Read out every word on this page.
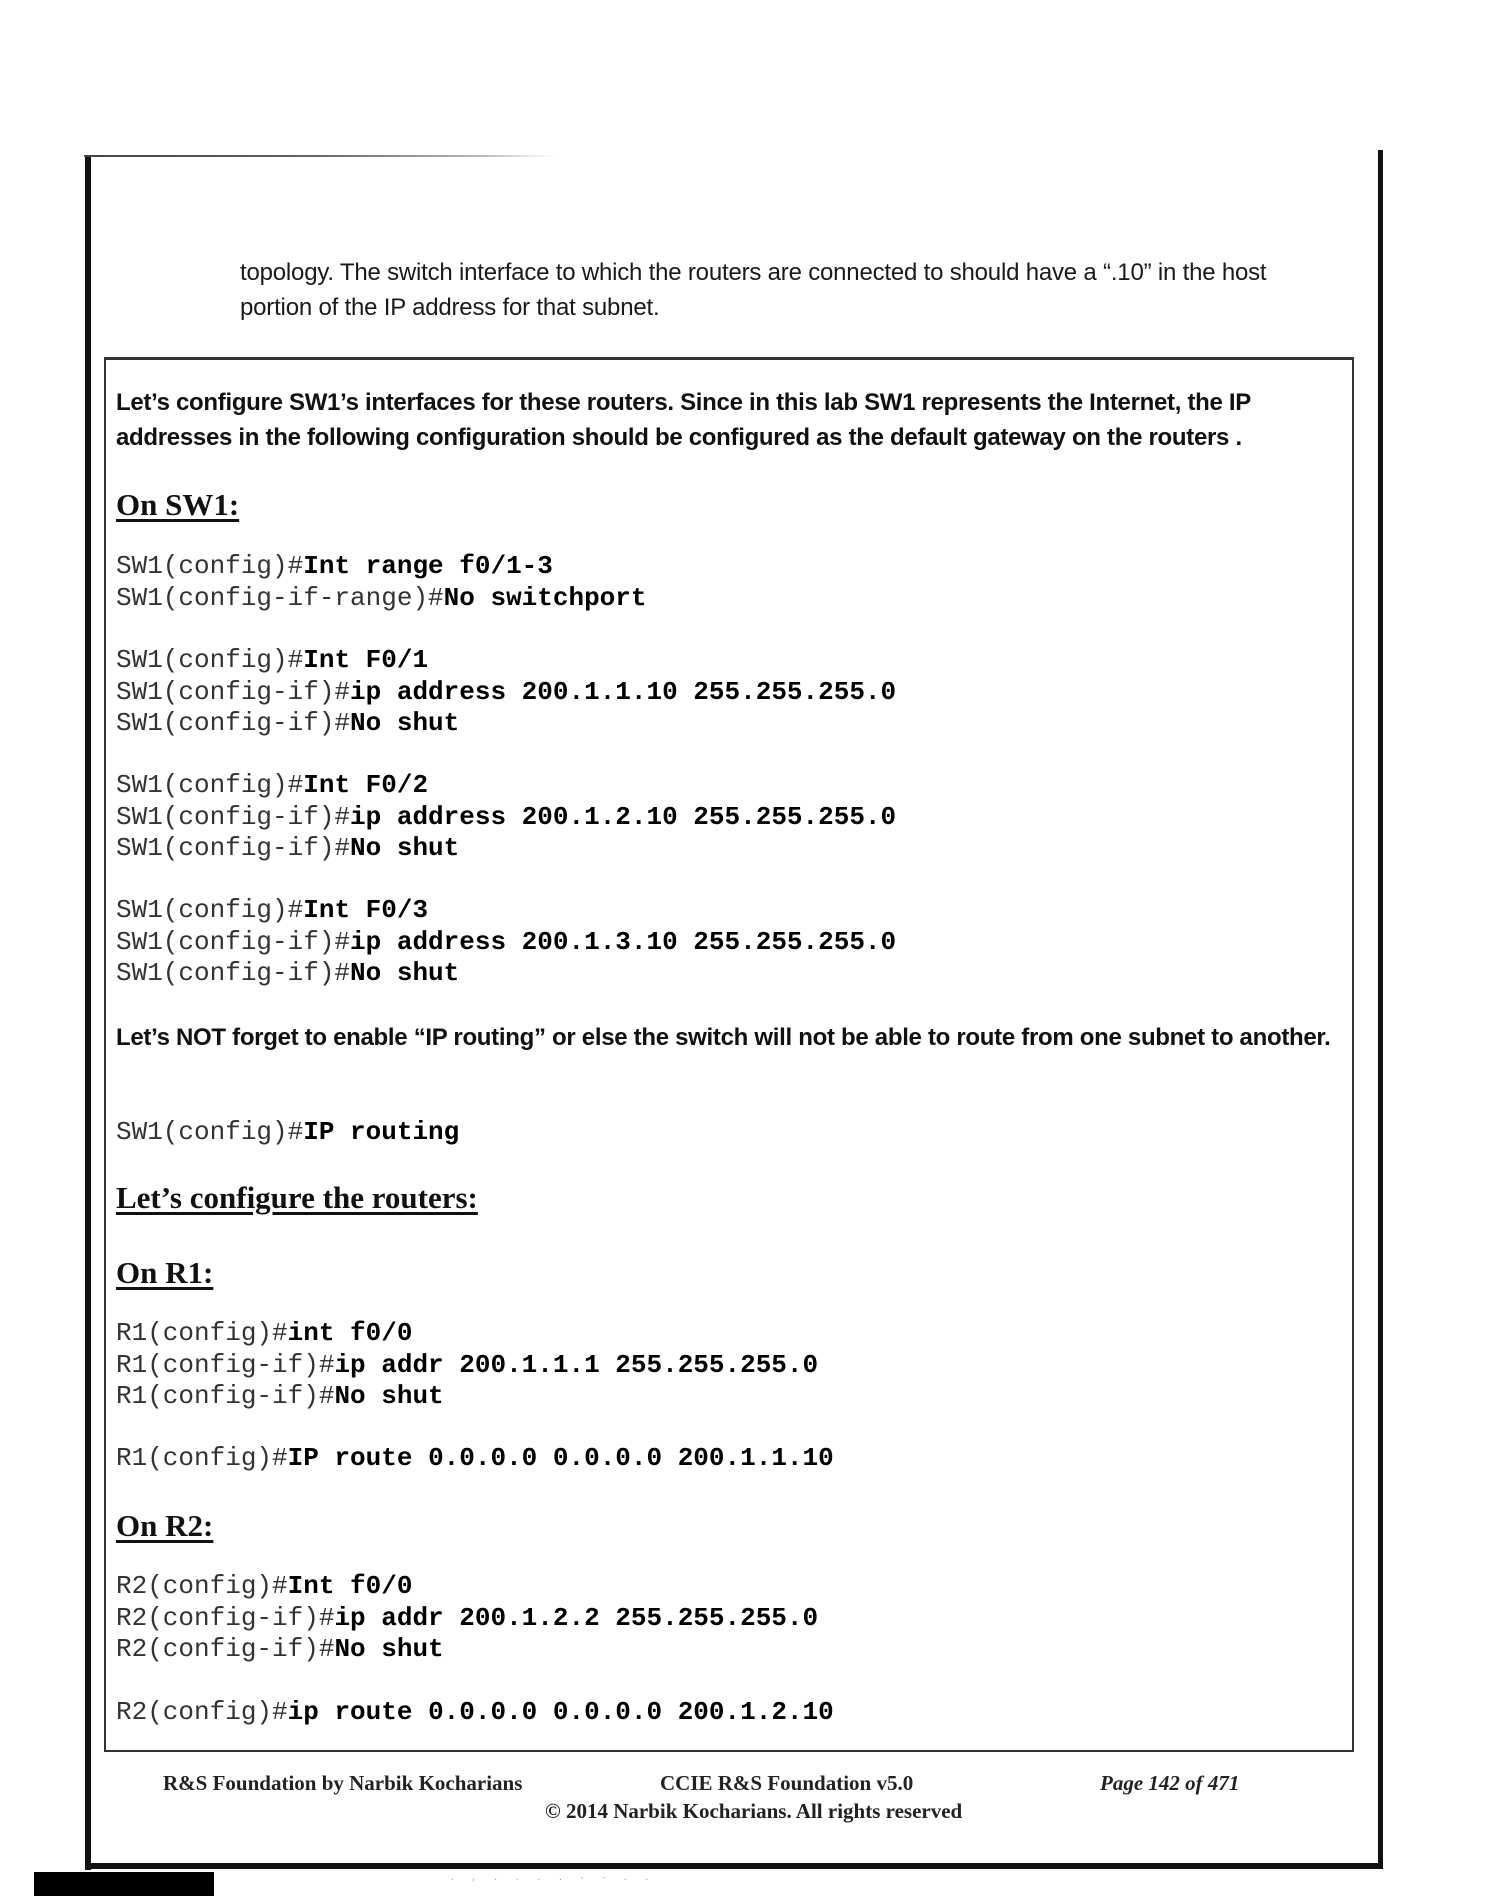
. , . . . . - - . .
topology. The switch interface to which the routers are connected to should have a “.10” in the host portion of the IP address for that subnet.
Let’s configure SW1’s interfaces for these routers. Since in this lab SW1 represents the Internet, the IP addresses in the following configuration should be configured as the default gateway on the routers .
On SW1:
SW1(config)#Int range f0/1-3
SW1(config-if-range)#No switchport
SW1(config)#Int F0/1
SW1(config-if)#ip address 200.1.1.10 255.255.255.0
SW1(config-if)#No shut
SW1(config)#Int F0/2
SW1(config-if)#ip address 200.1.2.10 255.255.255.0
SW1(config-if)#No shut
SW1(config)#Int F0/3
SW1(config-if)#ip address 200.1.3.10 255.255.255.0
SW1(config-if)#No shut
Let’s NOT forget to enable “IP routing” or else the switch will not be able to route from one subnet to another.
SW1(config)#IP routing
Let’s configure the routers:
On R1:
R1(config)#int f0/0
R1(config-if)#ip addr 200.1.1.1 255.255.255.0
R1(config-if)#No shut
R1(config)#IP route 0.0.0.0 0.0.0.0 200.1.1.10
On R2:
R2(config)#Int f0/0
R2(config-if)#ip addr 200.1.2.2 255.255.255.0
R2(config-if)#No shut
R2(config)#ip route 0.0.0.0 0.0.0.0 200.1.2.10
R&S Foundation by Narbik Kocharians	CCIE R&S Foundation v5.0	Page 142 of 471
© 2014 Narbik Kocharians. All rights reserved
